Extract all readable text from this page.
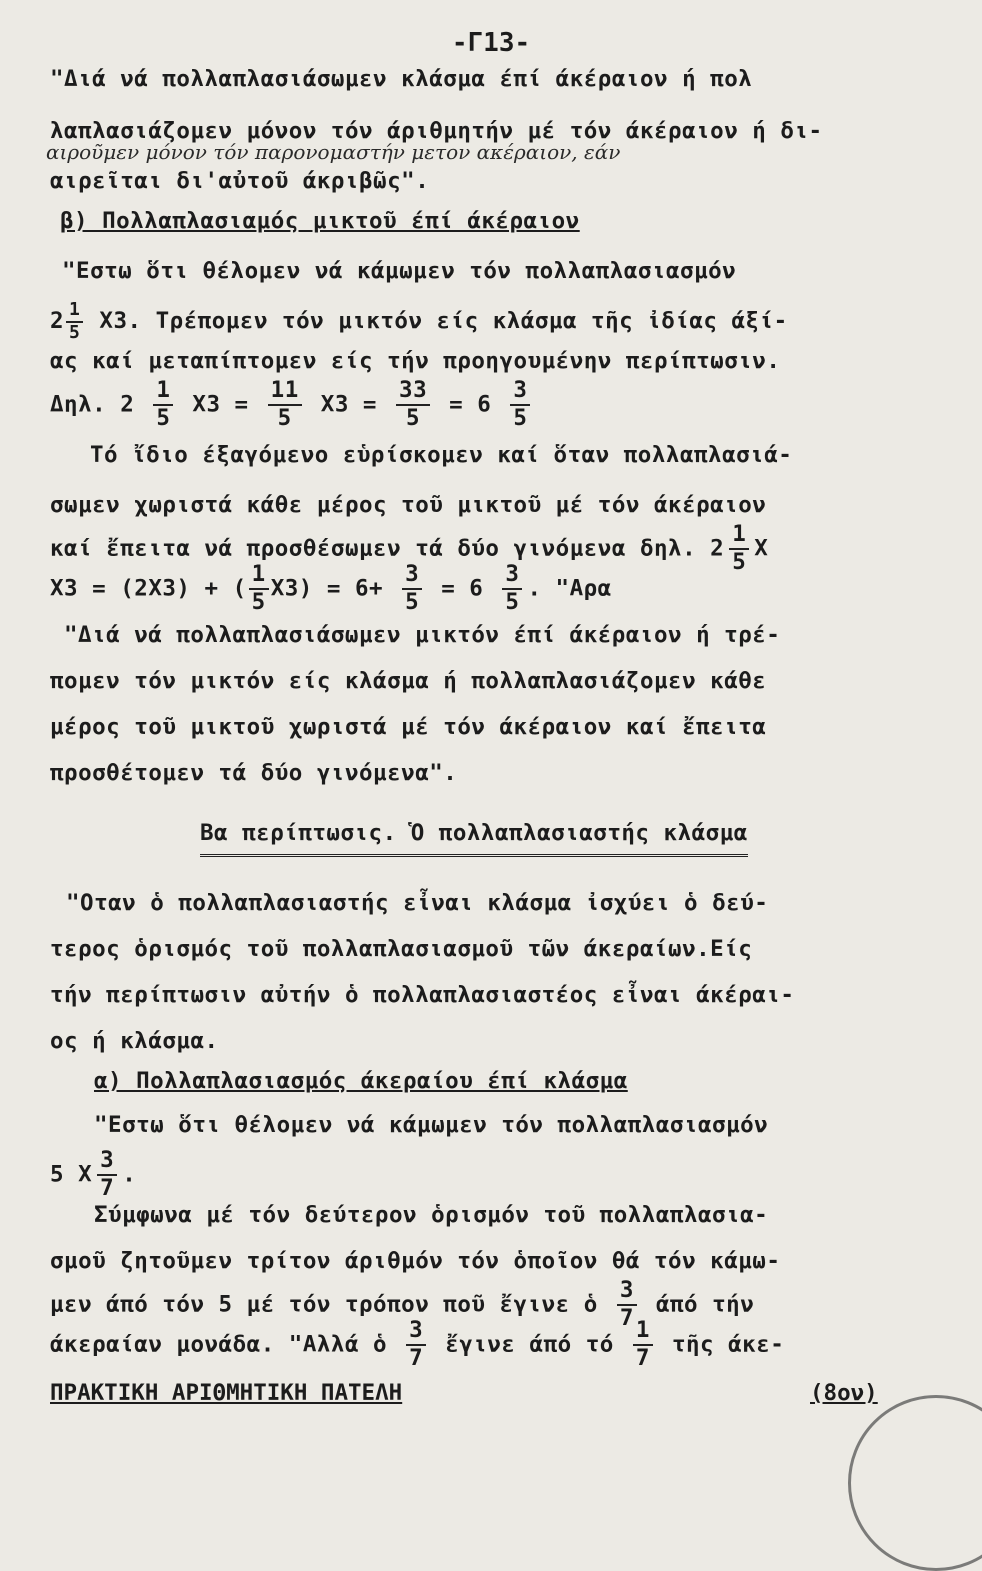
-Γ13-
"Διά νά πολλαπλασιάσωμεν κλάσμα έπί άκέραιον ή πολ
λαπλασιάζομεν μόνον τόν άριθμητήν μέ τόν άκέραιον ή δι-
αιροῦμεν μόνον τόν παρονομαστήν μετον ακέραιον, εάν
αιρεῖται δι'αὐτοῦ άκριβῶς".
β) Πολλαπλασιαμός μικτοῦ έπί άκέραιον
"Εστω ὅτι θέλομεν νά κάμωμεν τόν πολλαπλασιασμόν
$2 \frac{1}{5} X3$. Τρέπομεν τόν μικτόν είς κλάσμα τῆς ἰδίας άξί-
ας καί μεταπίπτομεν είς τήν προηγουμένην περίπτωσιν.
Δηλ. $2 \frac{1}{5} X3 = \frac{11}{5} X3 = \frac{33}{5} = 6 \frac{3}{5}$
Τό ἴδιο έξαγόμενο εὑρίσκομεν καί ὅταν πολλαπλασιά-
σωμεν χωριστά κάθε μέρος τοῦ μικτοῦ μέ τόν άκέραιον
καί ἔπειτα νά προσθέσωμεν τά δύο γινόμενα δηλ. $2 \frac{1}{5}$ Χ
Χ3 = (2Χ3) + ( $\frac{1}{5} X3) = 6+ \frac{3}{5} = 6 \frac{3}{5}$ . "Αρα
"Διά νά πολλαπλασιάσωμεν μικτόν έπί άκέραιον ή τρέ-
πομεν τόν μικτόν είς κλάσμα ή πολλαπλασιάζομεν κάθε
μέρος τοῦ μικτοῦ χωριστά μέ τόν άκέραιον καί ἔπειτα
προσθέτομεν τά δύο γινόμενα".
Βα περίπτωσις. Ὁ πολλαπλασιαστής κλάσμα
"Οταν ὁ πολλαπλασιαστής εἶναι κλάσμα ἰσχύει ὁ δεύ-
τερος ὁρισμός τοῦ πολλαπλασιασμοῦ τῶν άκεραίων.Είς
τήν περίπτωσιν αὐτήν ὁ πολλαπλασιαστέος εἶναι άκέραι-
ος ή κλάσμα.
α) Πολλαπλασιασμός άκεραίου έπί κλάσμα
"Εστω ὅτι θέλομεν νά κάμωμεν τόν πολλαπλασιασμόν
5 Χ $\frac{3}{7}$ .
Σύμφωνα μέ τόν δεύτερον ὁρισμόν τοῦ πολλαπλασια-
σμοῦ ζητοῦμεν τρίτον άριθμόν τόν ὁποῖον θά τόν κάμω-
μεν άπό τόν 5 μέ τόν τρόπον ποῦ ἔγινε ὁ $\frac{3}{7}$ άπό τήν
άκεραίαν μονάδα. "Αλλά ὁ $\frac{3}{7}$ ἔγινε άπό τό $\frac{1}{7}$ τῆς άκε-
ΠΡΑΚΤΙΚΗ ΑΡΙΘΜΗΤΙΚΗ ΠΑΤΕΛΗ	(8ον)
